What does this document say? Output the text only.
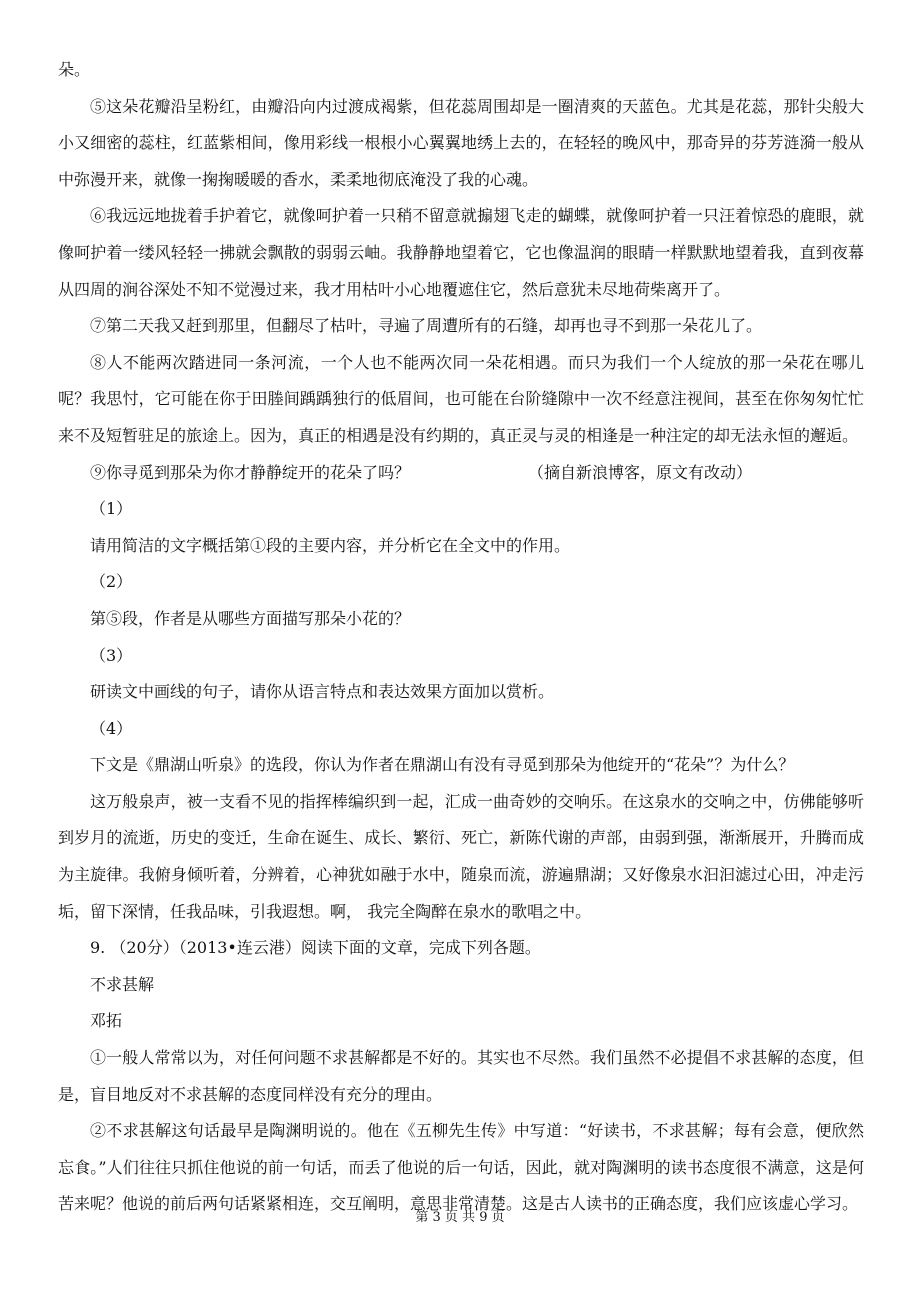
朵。

⑤这朵花瓣沿呈粉红，由瓣沿向内过渡成褐紫，但花蕊周围却是一圈清爽的天蓝色。尤其是花蕊，那针尖般大小又细密的蕊柱，红蓝紫相间，像用彩线一根根小心翼翼地绣上去的，在轻轻的晚风中，那奇异的芬芳涟漪一般从中弥漫开来，就像一掬掬暖暖的香水，柔柔地彻底淹没了我的心魂。

⑥我远远地拢着手护着它，就像呵护着一只稍不留意就搧翅飞走的蝴蝶，就像呵护着一只汪着惊恐的鹿眼，就像呵护着一缕风轻轻一拂就会飘散的弱弱云岫。我静静地望着它，它也像温润的眼睛一样默默地望着我，直到夜幕从四周的涧谷深处不知不觉漫过来，我才用枯叶小心地覆遮住它，然后意犹未尽地荷柴离开了。

⑦第二天我又赶到那里，但翻尽了枯叶，寻遍了周遭所有的石缝，却再也寻不到那一朵花儿了。

⑧人不能两次踏进同一条河流，一个人也不能两次同一朵花相遇。而只为我们一个人绽放的那一朵花在哪儿呢？我思忖，它可能在你于田塍间踽踽独行的低眉间，也可能在台阶缝隙中一次不经意注视间，甚至在你匆匆忙忙来不及短暂驻足的旅途上。因为，真正的相遇是没有约期的，真正灵与灵的相逢是一种注定的却无法永恒的邂逅。

⑨你寻觅到那朵为你才静静绽开的花朵了吗？	（摘自新浪博客，原文有改动）

（1）

请用简洁的文字概括第①段的主要内容，并分析它在全文中的作用。

（2）

第⑤段，作者是从哪些方面描写那朵小花的？

（3）

研读文中画线的句子，请你从语言特点和表达效果方面加以赏析。

（4）

下文是《鼎湖山听泉》的选段，你认为作者在鼎湖山有没有寻觅到那朵为他绽开的“花朵”？为什么？

这万般泉声，被一支看不见的指挥棒编织到一起，汇成一曲奇妙的交响乐。在这泉水的交响之中，仿佛能够听到岁月的流逝，历史的变迁，生命在诞生、成长、繁衍、死亡，新陈代谢的声部，由弱到强，渐渐展开，升腾而成为主旋律。我俯身倾听着，分辨着，心神犹如融于水中，随泉而流，游遍鼎湖；又好像泉水汩汩滤过心田，冲走污垢，留下深情，任我品味，引我遐想。啊， 我完全陶醉在泉水的歌唱之中。

9. （20分）（2013•连云港）阅读下面的文章，完成下列各题。

不求甚解

邓拓

①一般人常常以为，对任何问题不求甚解都是不好的。其实也不尽然。我们虽然不必提倡不求甚解的态度，但是，盲目地反对不求甚解的态度同样没有充分的理由。

②不求甚解这句话最早是陶渊明说的。他在《五柳先生传》中写道：“好读书，不求甚解；每有会意，便欣然忘食。”人们往往只抓住他说的前一句话，而丢了他说的后一句话，因此，就对陶渊明的读书态度很不满意，这是何苦来呢？他说的前后两句话紧紧相连，交互阐明，意思非常清楚。这是古人读书的正确态度，我们应该虚心学习。

第 3 页 共 9 页
